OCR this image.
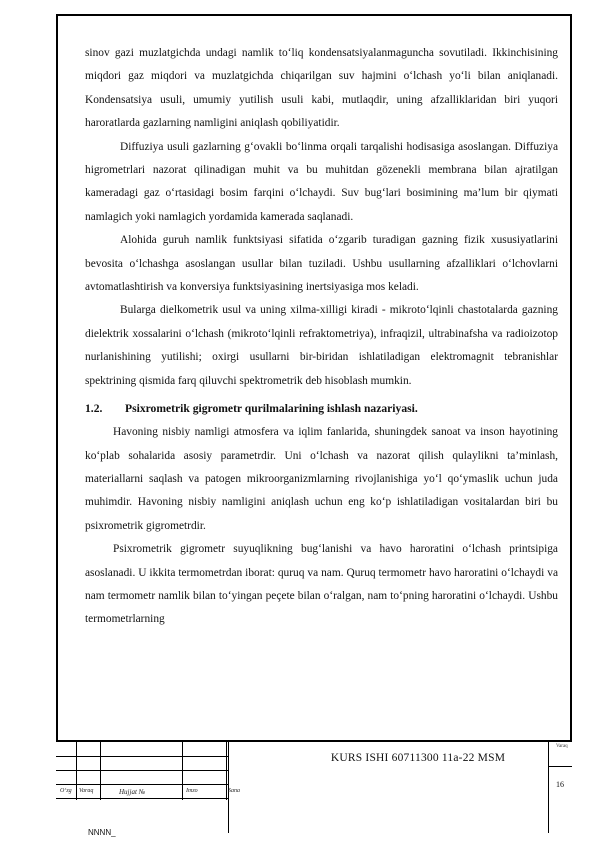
sinov gazi muzlatgichda undagi namlik to‘liq kondensatsiyalanmaguncha sovutiladi. Ikkinchisining miqdori gaz miqdori va muzlatgichda chiqarilgan suv hajmini o‘lchash yo‘li bilan aniqlanadi. Kondensatsiya usuli, umumiy yutilish usuli kabi, mutlaqdir, uning afzalliklaridan biri yuqori haroratlarda gazlarning namligini aniqlash qobiliyatidir.

Diffuziya usuli gazlarning g‘ovakli bo‘linma orqali tarqalishi hodisasiga asoslangan. Diffuziya higrometrlari nazorat qilinadigan muhit va bu muhitdan gözenekli membrana bilan ajratilgan kameradagi gaz o‘rtasidagi bosim farqini o‘lchaydi. Suv bug‘lari bosimining ma’lum bir qiymati namlagich yoki namlagich yordamida kamerada saqlanadi.

Alohida guruh namlik funktsiyasi sifatida o‘zgarib turadigan gazning fizik xususiyatlarini bevosita o‘lchashga asoslangan usullar bilan tuziladi. Ushbu usullarning afzalliklari o‘lchovlarni avtomatlashtirish va konversiya funktsiyasining inertsiyasiga mos keladi.

Bularga dielkometrik usul va uning xilma-xilligi kiradi - mikroto‘lqinli chastotalarda gazning dielektrik xossalarini o‘lchash (mikroto‘lqinli refraktometriya), infraqizil, ultrabinafsha va radioizotop nurlanishining yutilishi; oxirgi usullarni bir-biridan ishlatiladigan elektromagnit tebranishlar spektrining qismida farq qiluvchi spektrometrik deb hisoblash mumkin.

1.2. Psixrometrik gigrometr qurilmalarining ishlash nazariyasi.

Havoning nisbiy namligi atmosfera va iqlim fanlarida, shuningdek sanoat va inson hayotining ko‘plab sohalarida asosiy parametrdir. Uni o‘lchash va nazorat qilish qulaylikni ta’minlash, materiallarni saqlash va patogen mikroorganizmlarning rivojlanishiga yo‘l qo‘ymaslik uchun juda muhimdir. Havoning nisbiy namligini aniqlash uchun eng ko‘p ishlatiladigan vositalardan biri bu psixrometrik gigrometrdir.

Psixrometrik gigrometr suyuqlikning bug‘lanishi va havo haroratini o‘lchash printsipiga asoslanadi. U ikkita termometrdan iborat: quruq va nam. Quruq termometr havo haroratini o‘lchaydi va nam termometr namlik bilan to‘yingan peçete bilan o‘ralgan, nam to‘pning haroratini o‘lchaydi. Ushbu termometrlarning

O‘zg Varaq	Hujjat №	Imzo	Sana
KURS ISHI 60711300 11a-22 MSM
Varaq
16
NNNN_
